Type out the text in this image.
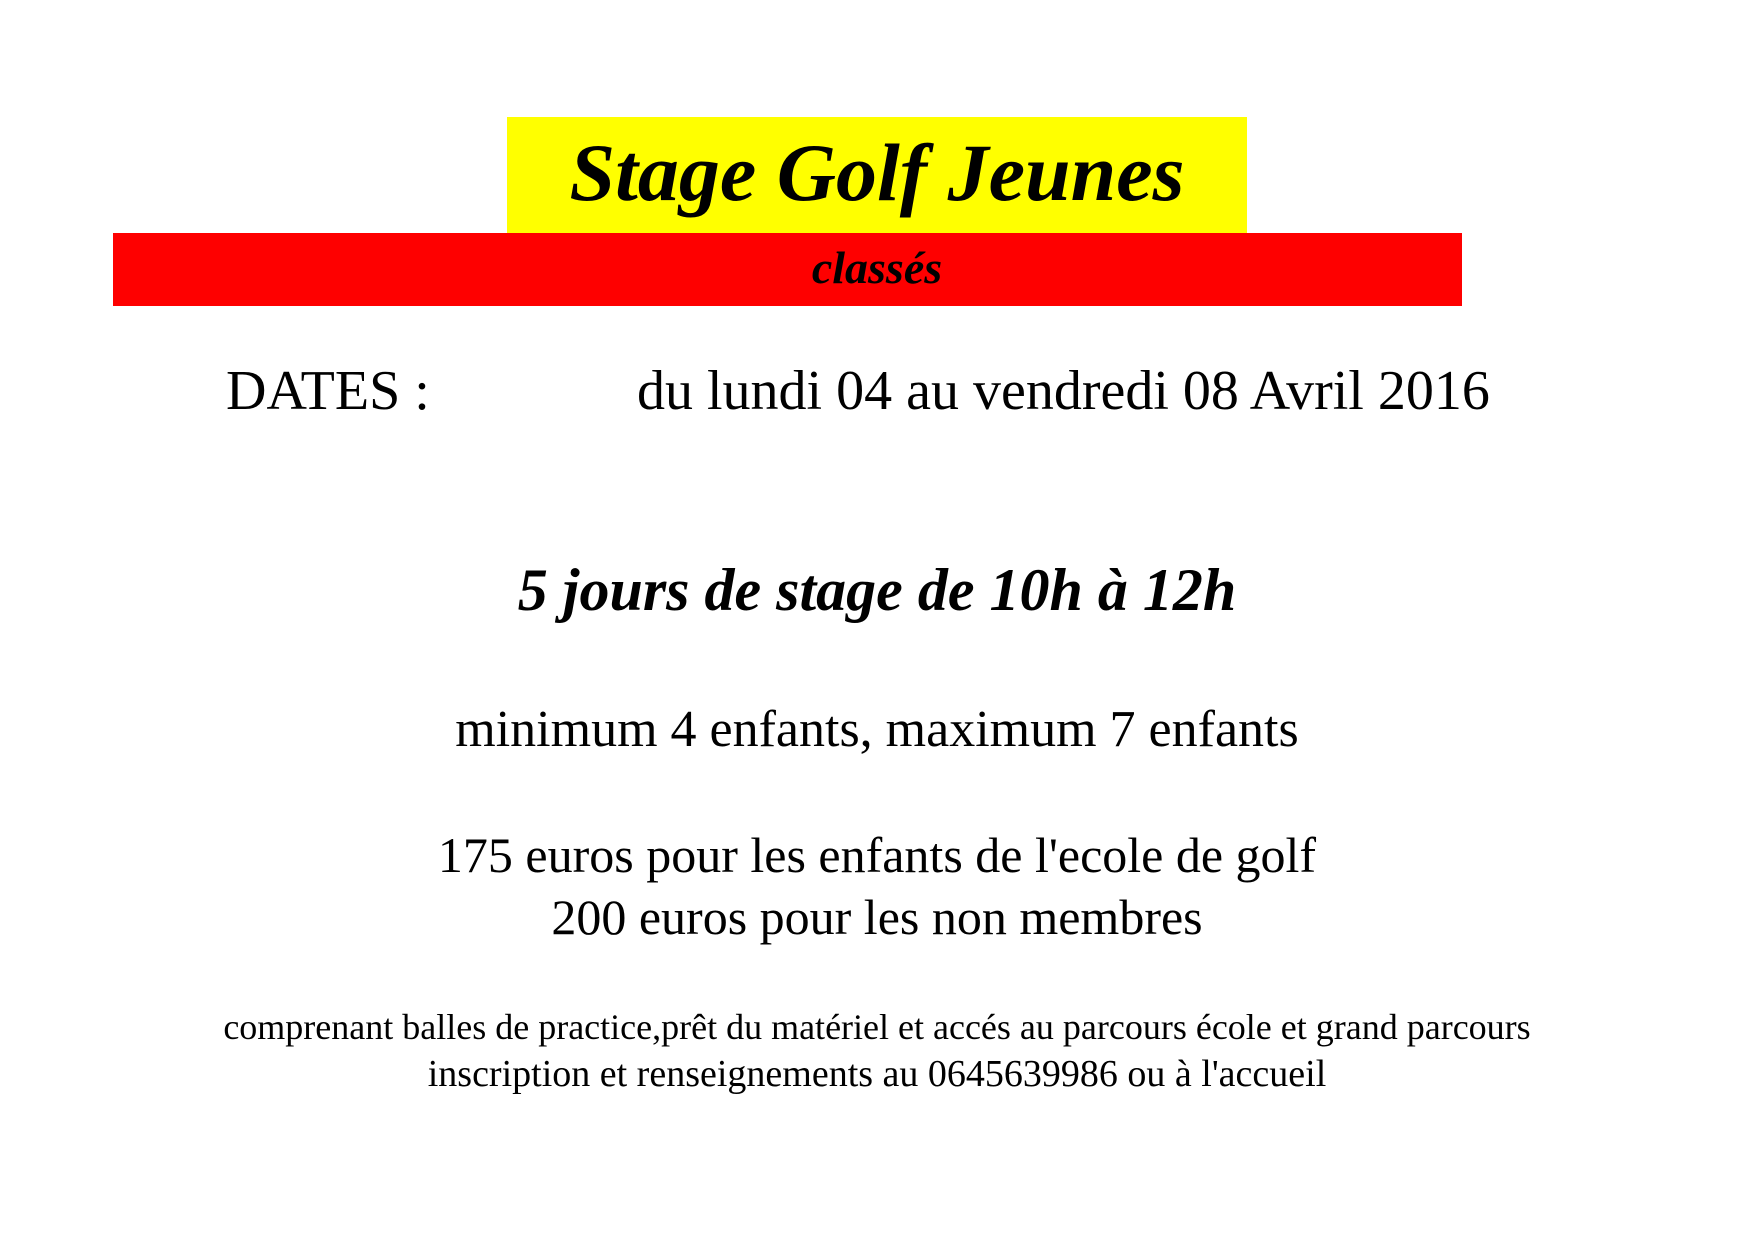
Stage Golf Jeunes
classés
DATES :	du lundi 04 au vendredi 08 Avril 2016
5 jours de stage de 10h à 12h
minimum 4 enfants, maximum 7 enfants
175 euros pour les enfants de l'ecole de golf
200 euros pour les non membres
comprenant balles de practice,prêt du matériel et accés au parcours école et grand parcours
inscription et renseignements au 0645639986 ou à l'accueil
